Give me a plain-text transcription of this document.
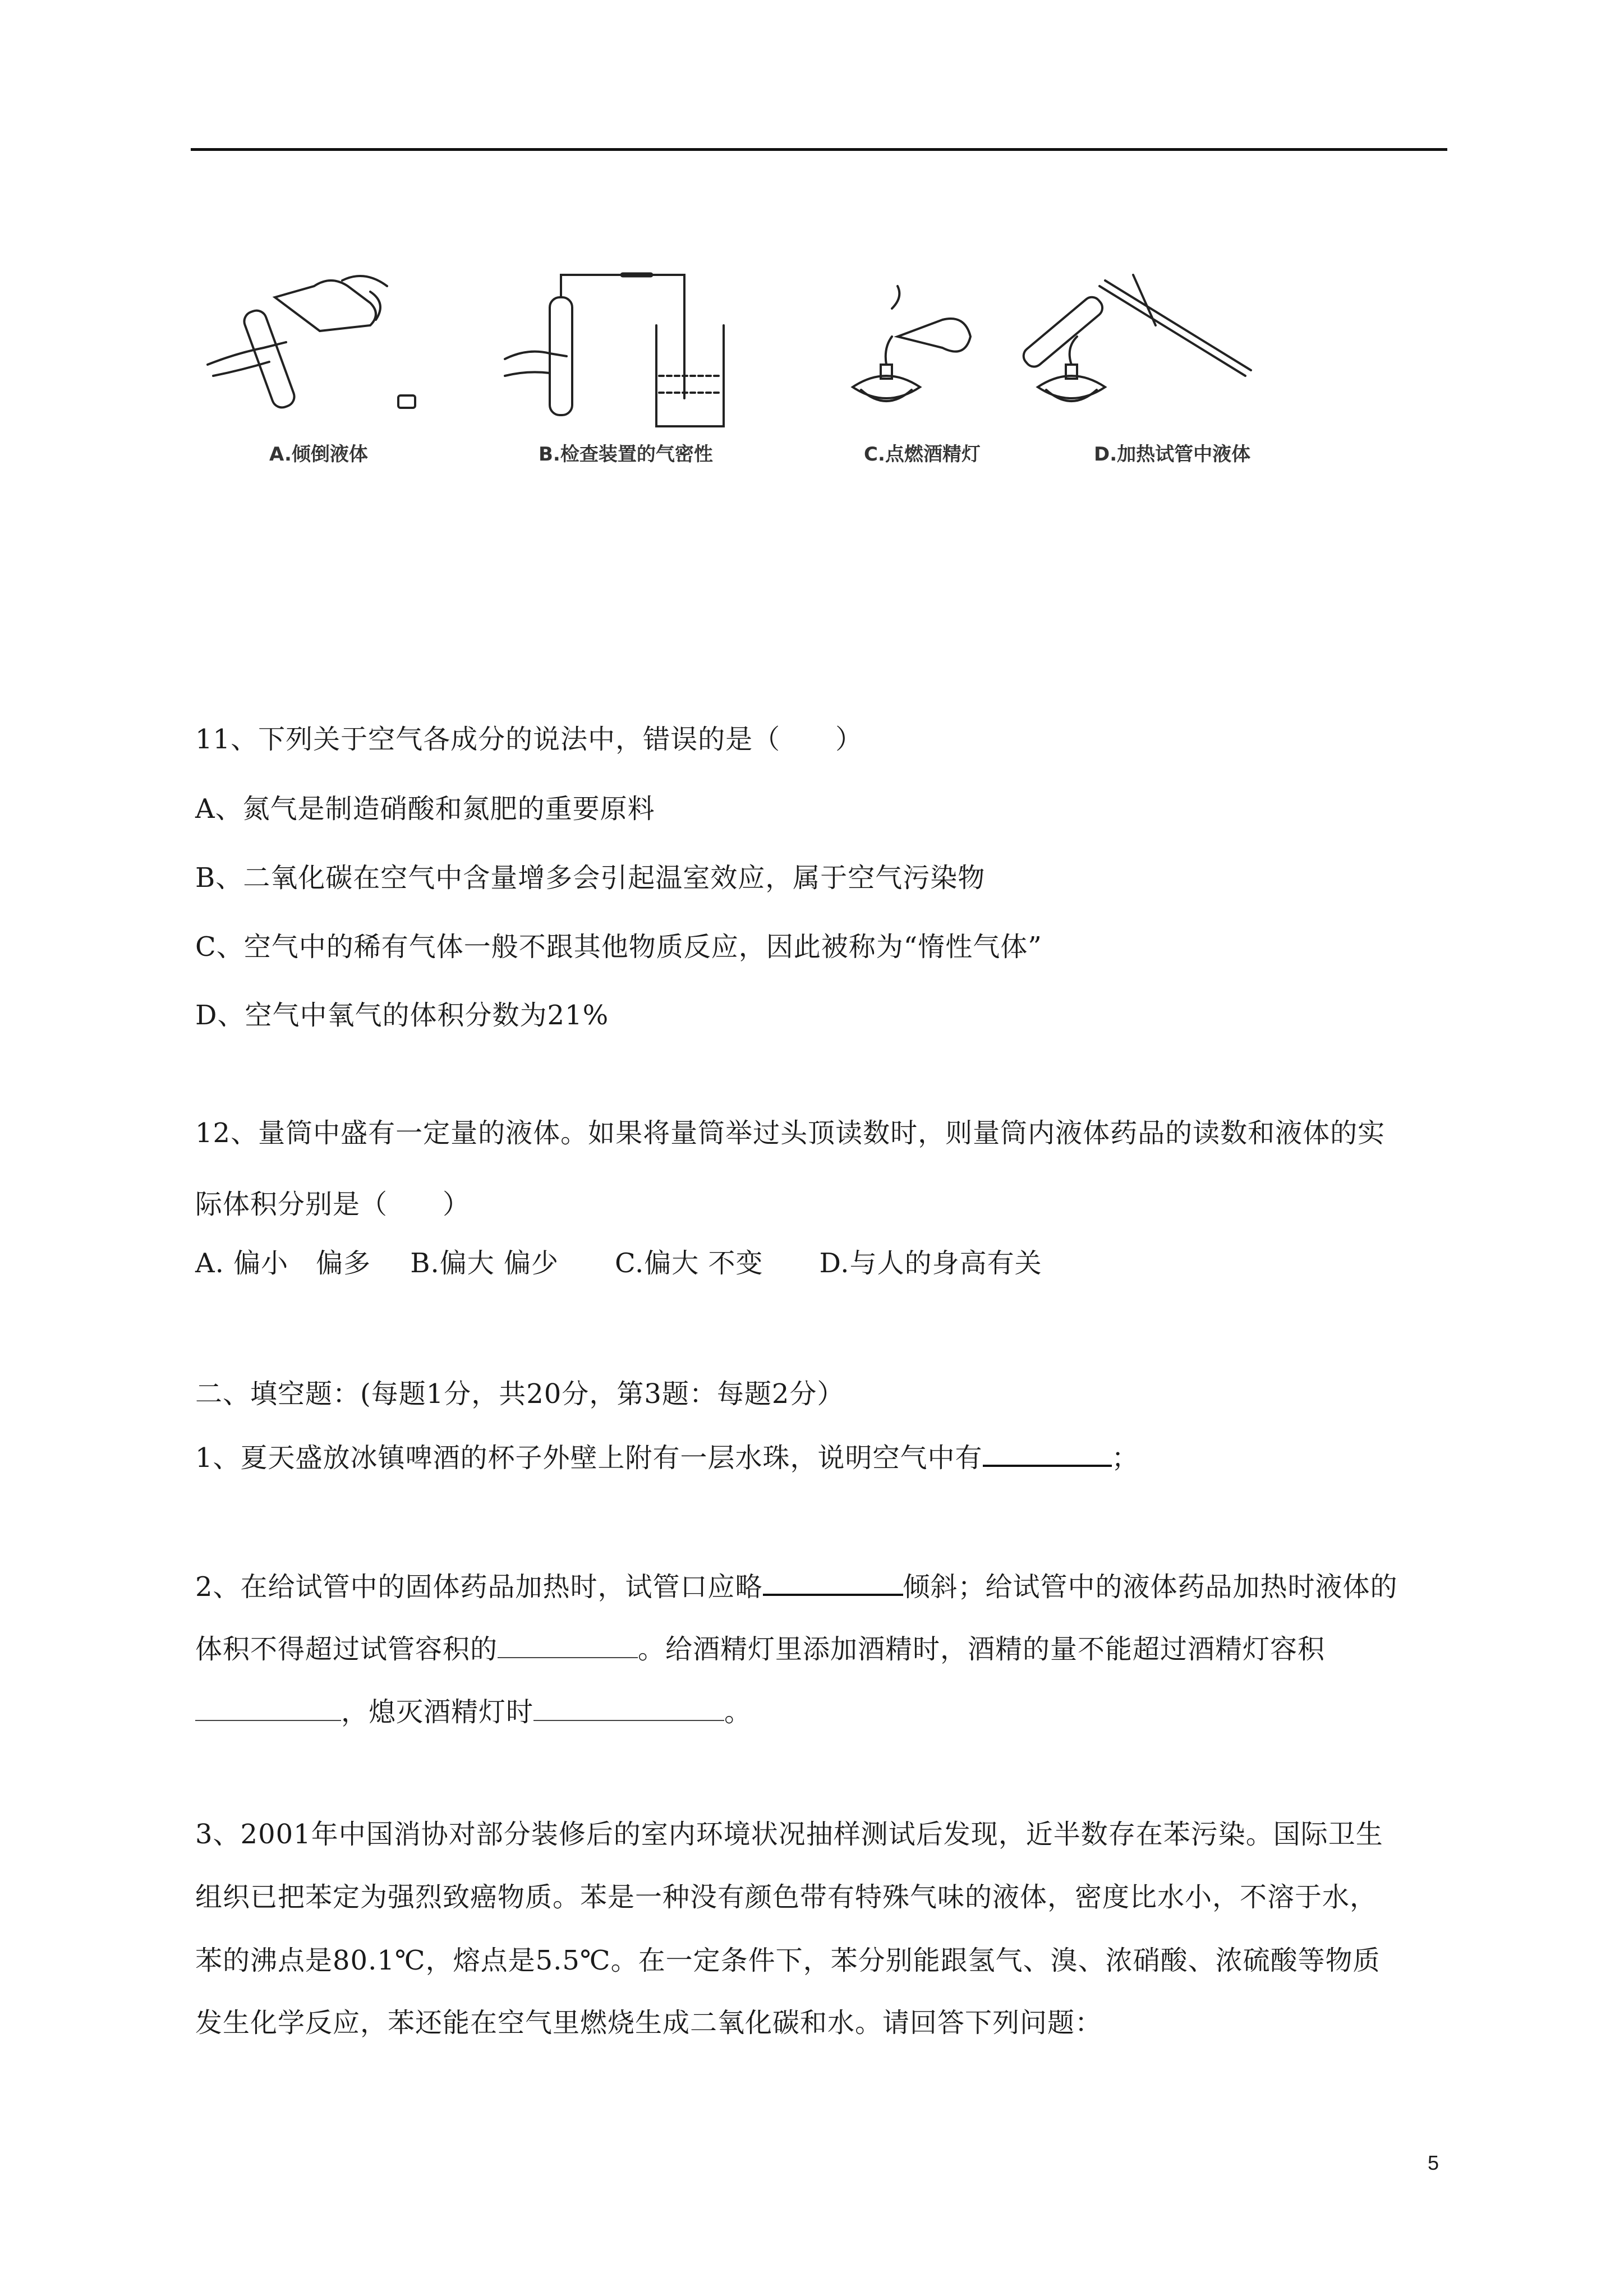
A.倾倒液体	B.检查装置的气密性	C.点燃酒精灯	D.加热试管中液体
11、下列关于空气各成分的说法中，错误的是（　　）
A、氮气是制造硝酸和氮肥的重要原料
B、二氧化碳在空气中含量增多会引起温室效应，属于空气污染物
C、空气中的稀有气体一般不跟其他物质反应，因此被称为“惰性气体”
D、空气中氧气的体积分数为21%
12、量筒中盛有一定量的液体。如果将量筒举过头顶读数时，则量筒内液体药品的读数和液体的实
际体积分别是（　　）
A. 偏小　偏多 B.偏大 偏少 C.偏大 不变 D.与人的身高有关
二、填空题：(每题1分，共20分，第3题：每题2分）
1、夏天盛放冰镇啤酒的杯子外壁上附有一层水珠，说明空气中有	；
2、在给试管中的固体药品加热时，试管口应略	倾斜；给试管中的液体药品加热时液体的
体积不得超过试管容积的	。给酒精灯里添加酒精时，酒精的量不能超过酒精灯容积
，熄灭酒精灯时	。
3、2001年中国消协对部分装修后的室内环境状况抽样测试后发现，近半数存在苯污染。国际卫生
组织已把苯定为强烈致癌物质。苯是一种没有颜色带有特殊气味的液体，密度比水小，不溶于水，
苯的沸点是80.1℃，熔点是5.5℃。在一定条件下，苯分别能跟氢气、溴、浓硝酸、浓硫酸等物质
发生化学反应，苯还能在空气里燃烧生成二氧化碳和水。请回答下列问题：
5
